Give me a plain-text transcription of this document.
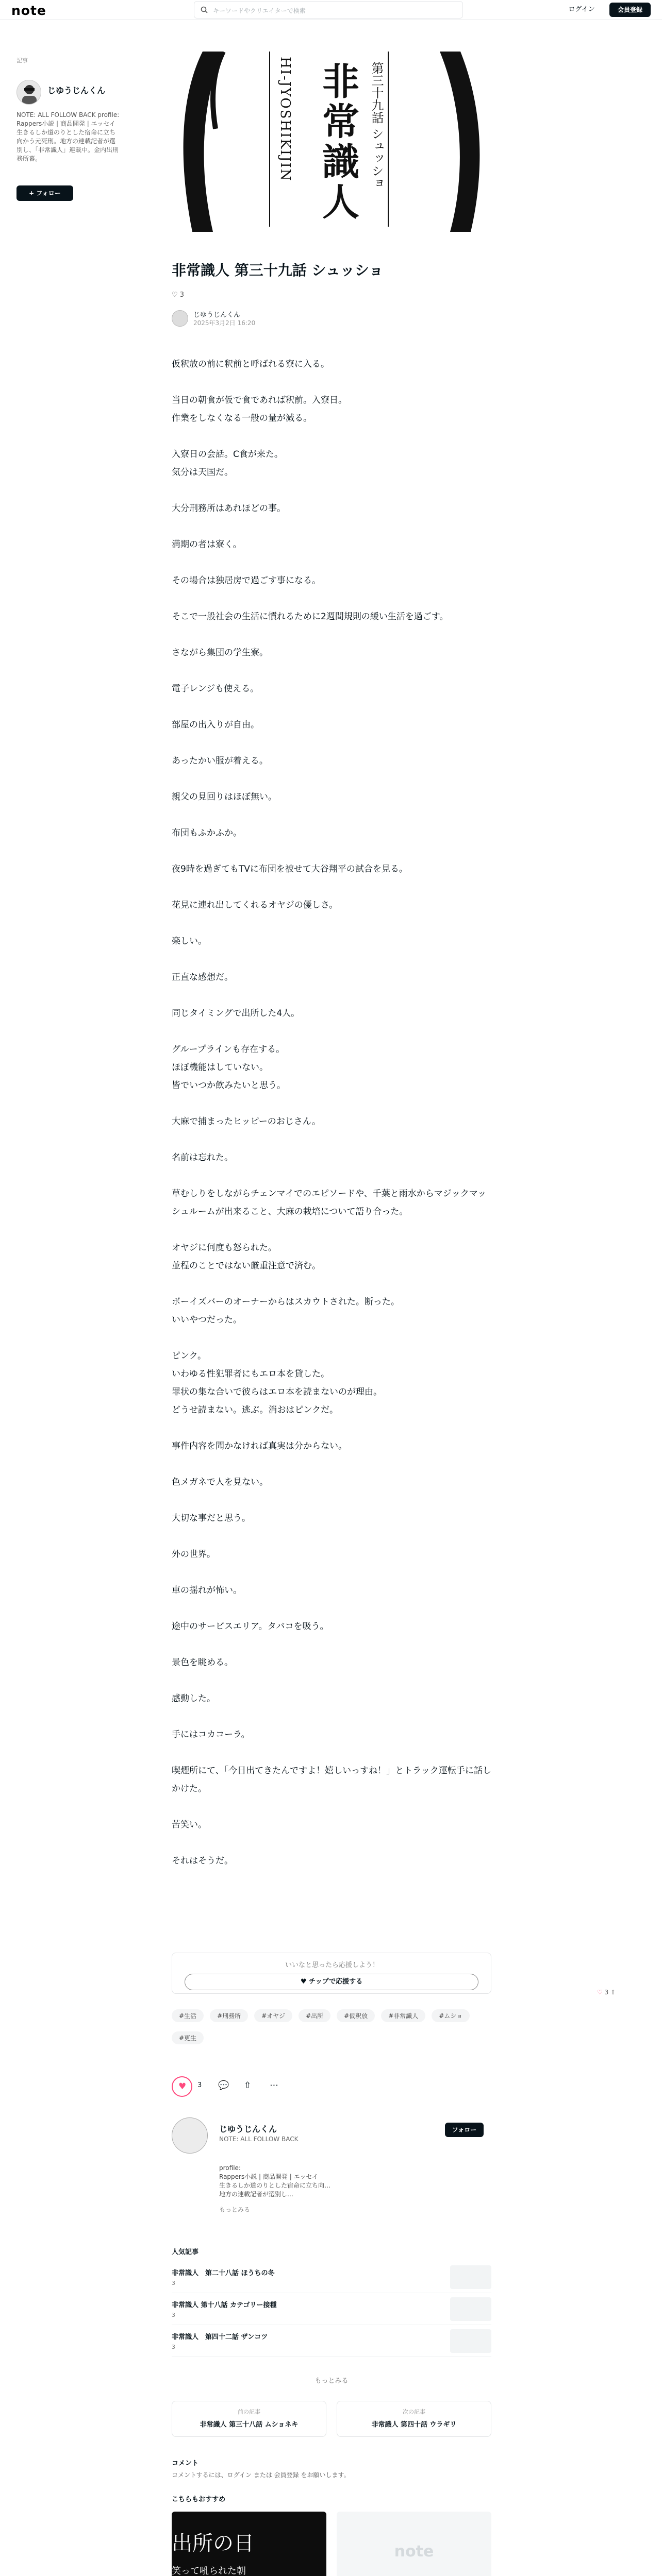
note	キーワードやクリエイターで検索	ログイン	会員登録
記事
じゆうじんくん
NOTE: ALL FOLLOW BACK profile: Rappers小説 | 商品開発 | エッセイ 生きるしか道のりとした宿命に立ち向かう元死刑。地方の連載記者が選別し、「非常識人」連載中。金内出刑務所暮。
+ フォロー	非常識人 第三十九話 シュッショ
HI-JYOSHIKIJIN
非常識人 第三十九話 シュッショ
♡ 3
じゆうじんくん
2025年3月2日 16:20

仮釈放の前に釈前と呼ばれる寮に入る。

当日の朝食が仮で食であれば釈前。入寮日。
作業をしなくなる一般の量が減る。

入寮日の会話。C食が来た。
気分は天国だ。

大分刑務所はあれほどの事。

満期の者は寮く。

その場合は独居房で過ごす事になる。

そこで一般社会の生活に慣れるために2週間規則の緩い生活を過ごす。

さながら集団の学生寮。

電子レンジも使える。

部屋の出入りが自由。

あったかい服が着える。

親父の見回りはほぼ無い。

布団もふかふか。

夜9時を過ぎてもTVに布団を被せて大谷翔平の試合を見る。

花見に連れ出してくれるオヤジの優しさ。

楽しい。

正直な感想だ。

同じタイミングで出所した4人。

グループラインも存在する。
ほぼ機能はしていない。
皆でいつか飲みたいと思う。

大麻で捕まったヒッピーのおじさん。

名前は忘れた。

草むしりをしながらチェンマイでのエピソードや、千葉と雨水からマジックマッシュルームが出来ること、大麻の栽培について語り合った。

オヤジに何度も怒られた。
並程のことではない厳重注意で済む。

ボーイズバーのオーナーからはスカウトされた。断った。
いいやつだった。

ピンク。
いわゆる性犯罪者にもエロ本を貸した。
罪状の集な合いで彼らはエロ本を読まないのが理由。
どうせ読まない。逃ぶ。消おはピンクだ。

事件内容を聞かなければ真実は分からない。

色メガネで人を見ない。

大切な事だと思う。

外の世界。

車の揺れが怖い。

途中のサービスエリア。タバコを吸う。

景色を眺める。

感動した。

手にはコカコーラ。

喫煙所にて、「今日出てきたんですよ！嬉しいっすね！」とトラック運転手に話しかけた。

苦笑い。

それはそうだ。

いいなと思ったら応援しよう！
♥ チップで応援する
#生活	#刑務所	#オヤジ	#出所	#仮釈放	#非常識人	#ムショ#更生
♥ 3 💬 ⇧ ⋯
じゆうじんくん
NOTE: ALL FOLLOW BACK
profile:
Rappers小説 | 商品開発 | エッセイ
生きるしか道のりとした宿命に立ち向…
地方の連載記者が選別し…
もっとみる
フォロー
人気記事
非常識人　第二十八話 ほうちの冬
3
非常識人 第十八話 カテゴリー接種
3
非常識人　第四十二話 ザンコツ
3
もっとみる
前の記事
非常識人 第三十八話 ムショネキ
次の記事
非常識人 第四十話 ウラギリ
コメント
コメントするには、ログイン または 会員登録 をお願いします。
こちらもおすすめ
出所の日
笑って吼られた朝
note
♡ 3 ⇧
